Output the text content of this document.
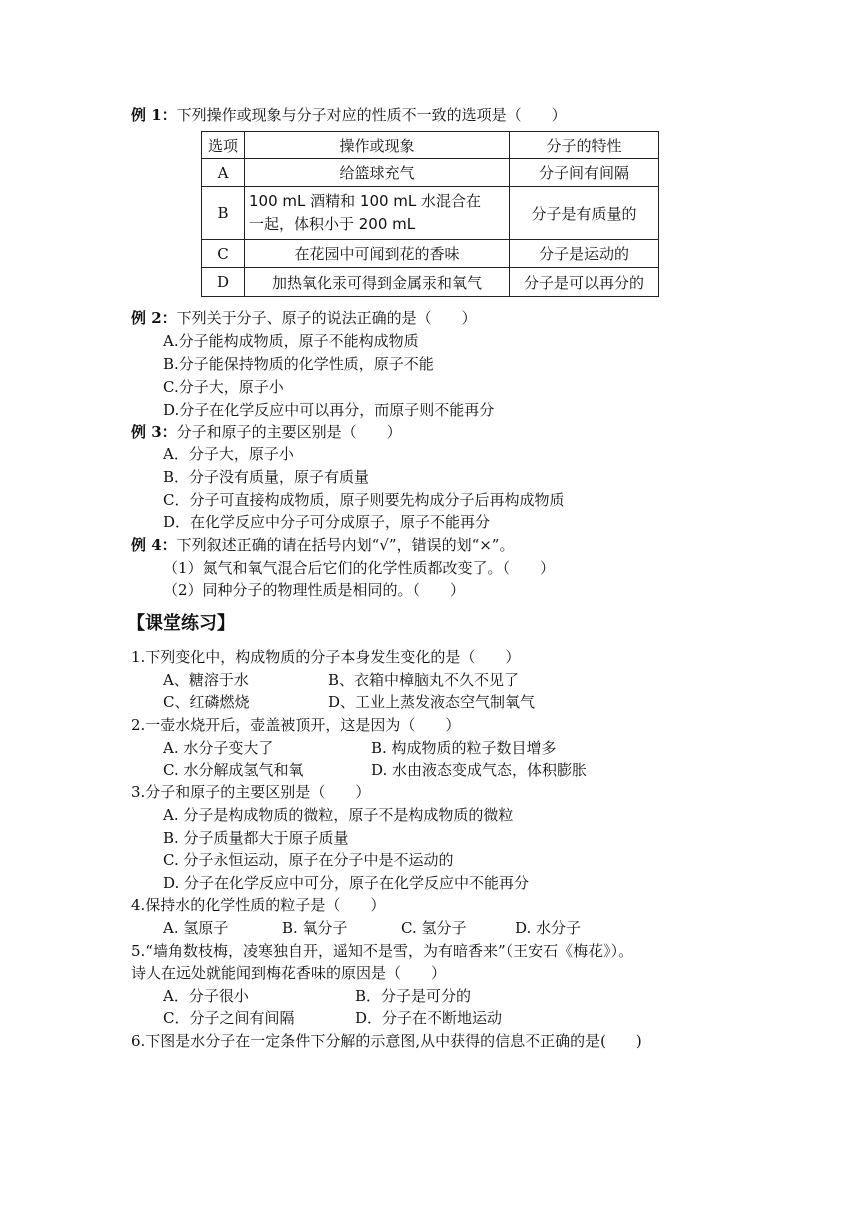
例 1：下列操作或现象与分子对应的性质不一致的选项是（　　）
选项	操作或现象	分子的特性
A	给篮球充气	分子间有间隔
B	100 mL 酒精和 100 mL 水混合在
一起，体积小于 200 mL	分子是有质量的
C	在花园中可闻到花的香味	分子是运动的
D	加热氧化汞可得到金属汞和氧气	分子是可以再分的
例 2：下列关于分子、原子的说法正确的是（　　）
A.分子能构成物质，原子不能构成物质
B.分子能保持物质的化学性质，原子不能
C.分子大，原子小
D.分子在化学反应中可以再分，而原子则不能再分
例 3：分子和原子的主要区别是（　　）
A．分子大，原子小
B．分子没有质量，原子有质量
C．分子可直接构成物质，原子则要先构成分子后再构成物质
D．在化学反应中分子可分成原子，原子不能再分
例 4：下列叙述正确的请在括号内划“√”，错误的划“×”。
（1）氮气和氧气混合后它们的化学性质都改变了。（　　）
（2）同种分子的物理性质是相同的。（　　）
【课堂练习】
1.下列变化中，构成物质的分子本身发生变化的是（　　）
A、糖溶于水	B、衣箱中樟脑丸不久不见了
C、红磷燃烧	D、工业上蒸发液态空气制氧气
2.一壶水烧开后，壶盖被顶开，这是因为（　　）
A. 水分子变大了	B. 构成物质的粒子数目增多
C. 水分解成氢气和氧	D. 水由液态变成气态，体积膨胀
3.分子和原子的主要区别是（　　）
A. 分子是构成物质的微粒，原子不是构成物质的微粒
B. 分子质量都大于原子质量
C. 分子永恒运动，原子在分子中是不运动的
D. 分子在化学反应中可分，原子在化学反应中不能再分
4.保持水的化学性质的粒子是（　　）
A. 氢原子	B. 氧分子	C. 氢分子	D. 水分子
5.“墙角数枝梅，凌寒独自开，遥知不是雪，为有暗香来”（王安石《梅花》）。
诗人在远处就能闻到梅花香味的原因是（　　）
A．分子很小	B．分子是可分的
C．分子之间有间隔	D．分子在不断地运动
6.下图是水分子在一定条件下分解的示意图,从中获得的信息不正确的是(　　)
